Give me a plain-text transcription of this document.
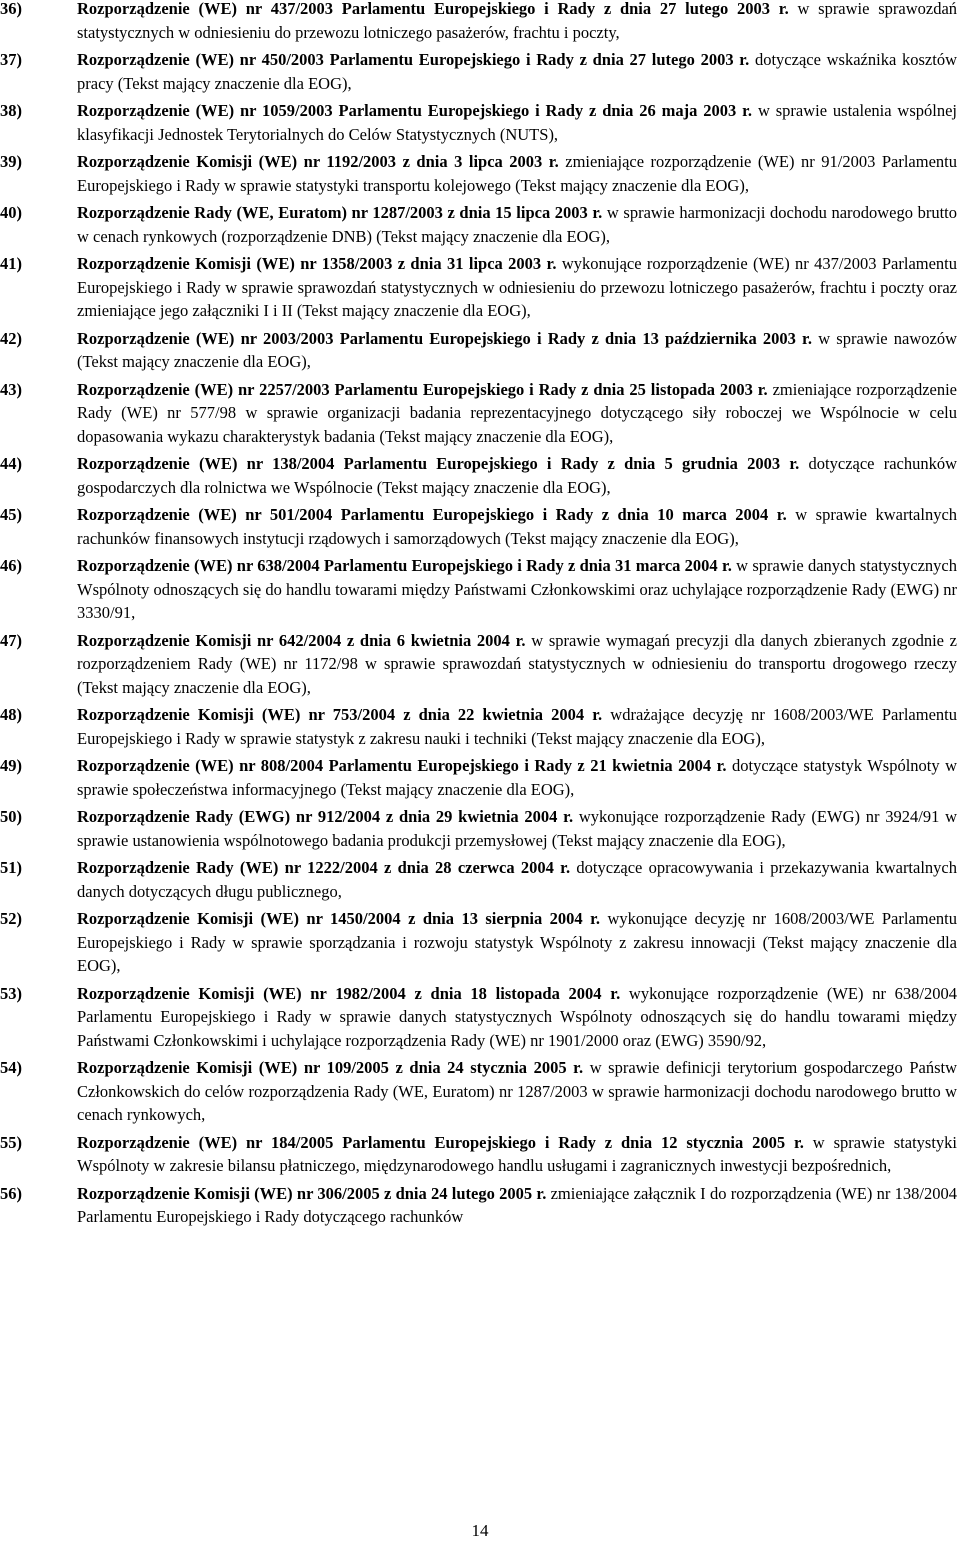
36)	Rozporządzenie (WE) nr 437/2003 Parlamentu Europejskiego i Rady z dnia 27 lutego 2003 r. w sprawie sprawozdań statystycznych w odniesieniu do przewozu lotniczego pasażerów, frachtu i poczty,
37)	Rozporządzenie (WE) nr 450/2003 Parlamentu Europejskiego i Rady z dnia 27 lutego 2003 r. dotyczące wskaźnika kosztów pracy (Tekst mający znaczenie dla EOG),
38)	Rozporządzenie (WE) nr 1059/2003 Parlamentu Europejskiego i Rady z dnia 26 maja 2003 r. w sprawie ustalenia wspólnej klasyfikacji Jednostek Terytorialnych do Celów Statystycznych (NUTS),
39)	Rozporządzenie Komisji (WE) nr 1192/2003 z dnia 3 lipca 2003 r. zmieniające rozporządzenie (WE) nr 91/2003 Parlamentu Europejskiego i Rady w sprawie statystyki transportu kolejowego (Tekst mający znaczenie dla EOG),
40)	Rozporządzenie Rady (WE, Euratom) nr 1287/2003 z dnia 15 lipca 2003 r. w sprawie harmonizacji dochodu narodowego brutto w cenach rynkowych (rozporządzenie DNB) (Tekst mający znaczenie dla EOG),
41)	Rozporządzenie Komisji (WE) nr 1358/2003 z dnia 31 lipca 2003 r. wykonujące rozporządzenie (WE) nr 437/2003 Parlamentu Europejskiego i Rady w sprawie sprawozdań statystycznych w odniesieniu do przewozu lotniczego pasażerów, frachtu i poczty oraz zmieniające jego załączniki I i II (Tekst mający znaczenie dla EOG),
42)	Rozporządzenie (WE) nr 2003/2003 Parlamentu Europejskiego i Rady z dnia 13 października 2003 r. w sprawie nawozów (Tekst mający znaczenie dla EOG),
43)	Rozporządzenie (WE) nr 2257/2003 Parlamentu Europejskiego i Rady z dnia 25 listopada 2003 r. zmieniające rozporządzenie Rady (WE) nr 577/98 w sprawie organizacji badania reprezentacyjnego dotyczącego siły roboczej we Wspólnocie w celu dopasowania wykazu charakterystyk badania (Tekst mający znaczenie dla EOG),
44)	Rozporządzenie (WE) nr 138/2004 Parlamentu Europejskiego i Rady z dnia 5 grudnia 2003 r. dotyczące rachunków gospodarczych dla rolnictwa we Wspólnocie (Tekst mający znaczenie dla EOG),
45)	Rozporządzenie (WE) nr 501/2004 Parlamentu Europejskiego i Rady z dnia 10 marca 2004 r. w sprawie kwartalnych rachunków finansowych instytucji rządowych i samorządowych (Tekst mający znaczenie dla EOG),
46)	Rozporządzenie (WE) nr 638/2004 Parlamentu Europejskiego i Rady z dnia 31 marca 2004 r. w sprawie danych statystycznych Wspólnoty odnoszących się do handlu towarami między Państwami Członkowskimi oraz uchylające rozporządzenie Rady (EWG) nr 3330/91,
47)	Rozporządzenie Komisji nr 642/2004 z dnia 6 kwietnia 2004 r. w sprawie wymagań precyzji dla danych zbieranych zgodnie z rozporządzeniem Rady (WE) nr 1172/98 w sprawie sprawozdań statystycznych w odniesieniu do transportu drogowego rzeczy (Tekst mający znaczenie dla EOG),
48)	Rozporządzenie Komisji (WE) nr 753/2004 z dnia 22 kwietnia 2004 r. wdrażające decyzję nr 1608/2003/WE Parlamentu Europejskiego i Rady w sprawie statystyk z zakresu nauki i techniki (Tekst mający znaczenie dla EOG),
49)	Rozporządzenie (WE) nr 808/2004 Parlamentu Europejskiego i Rady z 21 kwietnia 2004 r. dotyczące statystyk Wspólnoty w sprawie społeczeństwa informacyjnego (Tekst mający znaczenie dla EOG),
50)	Rozporządzenie Rady (EWG) nr 912/2004 z dnia 29 kwietnia 2004 r. wykonujące rozporządzenie Rady (EWG) nr 3924/91 w sprawie ustanowienia wspólnotowego badania produkcji przemysłowej (Tekst mający znaczenie dla EOG),
51)	Rozporządzenie Rady (WE) nr 1222/2004 z dnia 28 czerwca 2004 r. dotyczące opracowywania i przekazywania kwartalnych danych dotyczących długu publicznego,
52)	Rozporządzenie Komisji (WE) nr 1450/2004 z dnia 13 sierpnia 2004 r. wykonujące decyzję nr 1608/2003/WE Parlamentu Europejskiego i Rady w sprawie sporządzania i rozwoju statystyk Wspólnoty z zakresu innowacji (Tekst mający znaczenie dla EOG),
53)	Rozporządzenie Komisji (WE) nr 1982/2004 z dnia 18 listopada 2004 r. wykonujące rozporządzenie (WE) nr 638/2004 Parlamentu Europejskiego i Rady w sprawie danych statystycznych Wspólnoty odnoszących się do handlu towarami między Państwami Członkowskimi i uchylające rozporządzenia Rady (WE) nr 1901/2000 oraz (EWG) 3590/92,
54)	Rozporządzenie Komisji (WE) nr 109/2005 z dnia 24 stycznia 2005 r. w sprawie definicji terytorium gospodarczego Państw Członkowskich do celów rozporządzenia Rady (WE, Euratom) nr 1287/2003 w sprawie harmonizacji dochodu narodowego brutto w cenach rynkowych,
55)	Rozporządzenie (WE) nr 184/2005 Parlamentu Europejskiego i Rady z dnia 12 stycznia 2005 r. w sprawie statystyki Wspólnoty w zakresie bilansu płatniczego, międzynarodowego handlu usługami i zagranicznych inwestycji bezpośrednich,
56)	Rozporządzenie Komisji (WE) nr 306/2005 z dnia 24 lutego 2005 r. zmieniające załącznik I do rozporządzenia (WE) nr 138/2004 Parlamentu Europejskiego i Rady dotyczącego rachunków
14
